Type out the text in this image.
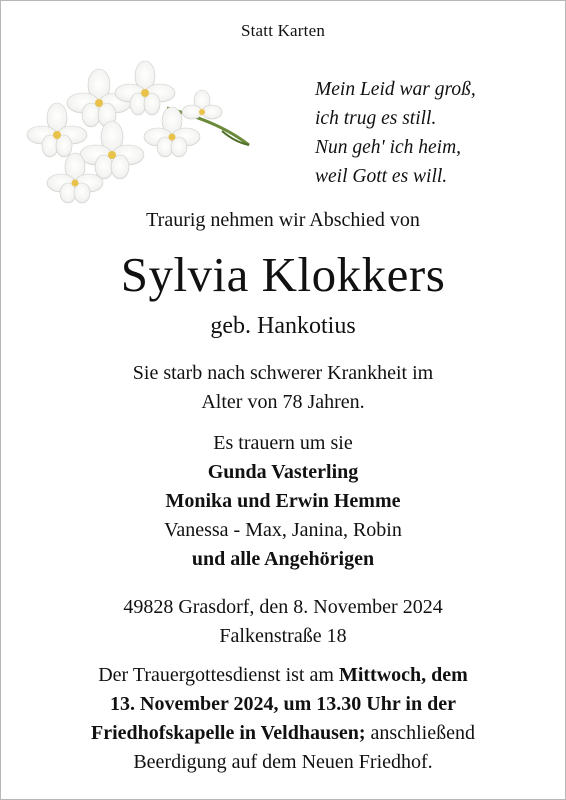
Statt Karten
Mein Leid war groß,
ich trug es still.
Nun geh' ich heim,
weil Gott es will.
Traurig nehmen wir Abschied von
Sylvia Klokkers
geb. Hankotius
Sie starb nach schwerer Krankheit im
Alter von 78 Jahren.
Es trauern um sie
Gunda Vasterling
Monika und Erwin Hemme
Vanessa - Max, Janina, Robin
und alle Angehörigen
49828 Grasdorf, den 8. November 2024
Falkenstraße 18
Der Trauergottesdienst ist am Mittwoch, dem
13. November 2024, um 13.30 Uhr in der
Friedhofskapelle in Veldhausen; anschließend
Beerdigung auf dem Neuen Friedhof.
